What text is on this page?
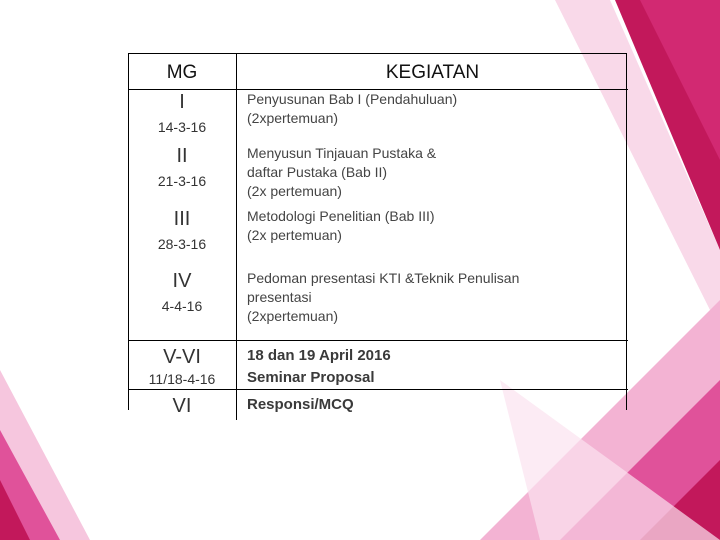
MG	KEGIATAN

I
14-3-16	Penyusunan Bab I (Pendahuluan)
(2xpertemuan)

II
21-3-16	Menyusun Tinjauan Pustaka &
daftar Pustaka (Bab II)
(2x pertemuan)

III
28-3-16	Metodologi Penelitian (Bab III)
(2x pertemuan)

IV
4-4-16	Pedoman presentasi KTI &Teknik Penulisan
presentasi
(2xpertemuan)

V-VI
11/18-4-16	18 dan 19 April 2016
Seminar Proposal

VI	Responsi/MCQ
